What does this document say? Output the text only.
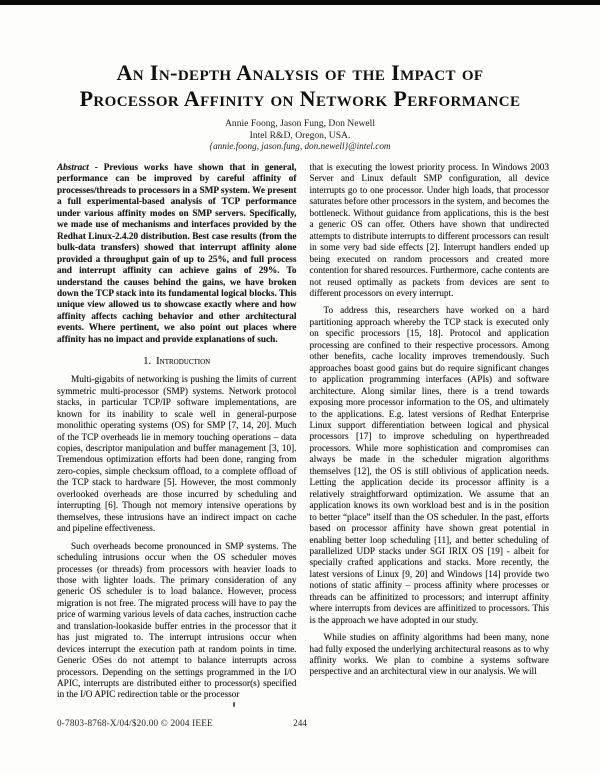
An In-depth Analysis of the Impact of
Processor Affinity on Network Performance
Annie Foong, Jason Fung, Don Newell
Intel R&D, Oregon, USA.
{annie.foong, jason.fung, don.newell}@intel.com

Abstract - Previous works have shown that in general, performance can be improved by careful affinity of processes/threads to processors in a SMP system. We present a full experimental-based analysis of TCP performance under various affinity modes on SMP servers. Specifically, we made use of mechanisms and interfaces provided by the Redhat Linux-2.4.20 distribution. Best case results (from the bulk-data transfers) showed that interrupt affinity alone provided a throughput gain of up to 25%, and full process and interrupt affinity can achieve gains of 29%. To understand the causes behind the gains, we have broken down the TCP stack into its fundamental logical blocks. This unique view allowed us to showcase exactly where and how affinity affects caching behavior and other architectural events. Where pertinent, we also point out places where affinity has no impact and provide explanations of such.

1. Introduction

Multi-gigabits of networking is pushing the limits of current symmetric multi-processor (SMP) systems. Network protocol stacks, in particular TCP/IP software implementations, are known for its inability to scale well in general-purpose monolithic operating systems (OS) for SMP [7, 14, 20]. Much of the TCP overheads lie in memory touching operations – data copies, descriptor manipulation and buffer management [3, 10]. Tremendous optimization efforts had been done, ranging from zero-copies, simple checksum offload, to a complete offload of the TCP stack to hardware [5]. However, the most commonly overlooked overheads are those incurred by scheduling and interrupting [6]. Though not memory intensive operations by themselves, these intrusions have an indirect impact on cache and pipeline effectiveness.

Such overheads become pronounced in SMP systems. The scheduling intrusions occur when the OS scheduler moves processes (or threads) from processors with heavier loads to those with lighter loads. The primary consideration of any generic OS scheduler is to load balance. However, process migration is not free. The migrated process will have to pay the price of warming various levels of data caches, instruction cache and translation-lookaside buffer entries in the processor that it has just migrated to. The interrupt intrusions occur when devices interrupt the execution path at random points in time. Generic OSes do not attempt to balance interrupts across processors. Depending on the settings programmed in the I/O APIC, interrupts are distributed either to processor(s) specified in the I/O APIC redirection table or the processor

that is executing the lowest priority process. In Windows 2003 Server and Linux default SMP configuration, all device interrupts go to one processor. Under high loads, that processor saturates before other processors in the system, and becomes the bottleneck. Without guidance from applications, this is the best a generic OS can offer. Others have shown that undirected attempts to distribute interrupts to different processors can result in some very bad side effects [2]. Interrupt handlers ended up being executed on random processors and created more contention for shared resources. Furthermore, cache contents are not reused optimally as packets from devices are sent to different processors on every interrupt.

To address this, researchers have worked on a hard partitioning approach whereby the TCP stack is executed only on specific processors [15, 18]. Protocol and application processing are confined to their respective processors. Among other benefits, cache locality improves tremendously. Such approaches boast good gains but do require significant changes to application programming interfaces (APIs) and software architecture. Along similar lines, there is a trend towards exposing more processor information to the OS, and ultimately to the applications. E.g. latest versions of Redhat Enterprise Linux support differentiation between logical and physical processors [17] to improve scheduling on hyperthreaded processors. While more sophistication and compromises can always be made in the scheduler migration algorithms themselves [12], the OS is still oblivious of application needs. Letting the application decide its processor affinity is a relatively straightforward optimization. We assume that an application knows its own workload best and is in the position to better “place” itself than the OS scheduler. In the past, efforts based on processor affinity have shown great potential in enabling better loop scheduling [11], and better scheduling of parallelized UDP stacks under SGI IRIX OS [19] - albeit for specially crafted applications and stacks. More recently, the latest versions of Linux [9, 20] and Windows [14] provide two notions of static affinity – process affinity where processes or threads can be affinitized to processors; and interrupt affinity where interrupts from devices are affinitized to processors. This is the approach we have adopted in our study.

While studies on affinity algorithms had been many, none had fully exposed the underlying architectural reasons as to why affinity works. We plan to combine a systems software perspective and an architectural view in our analysis. We will

0-7803-8768-X/04/$20.00 © 2004 IEEE	244
